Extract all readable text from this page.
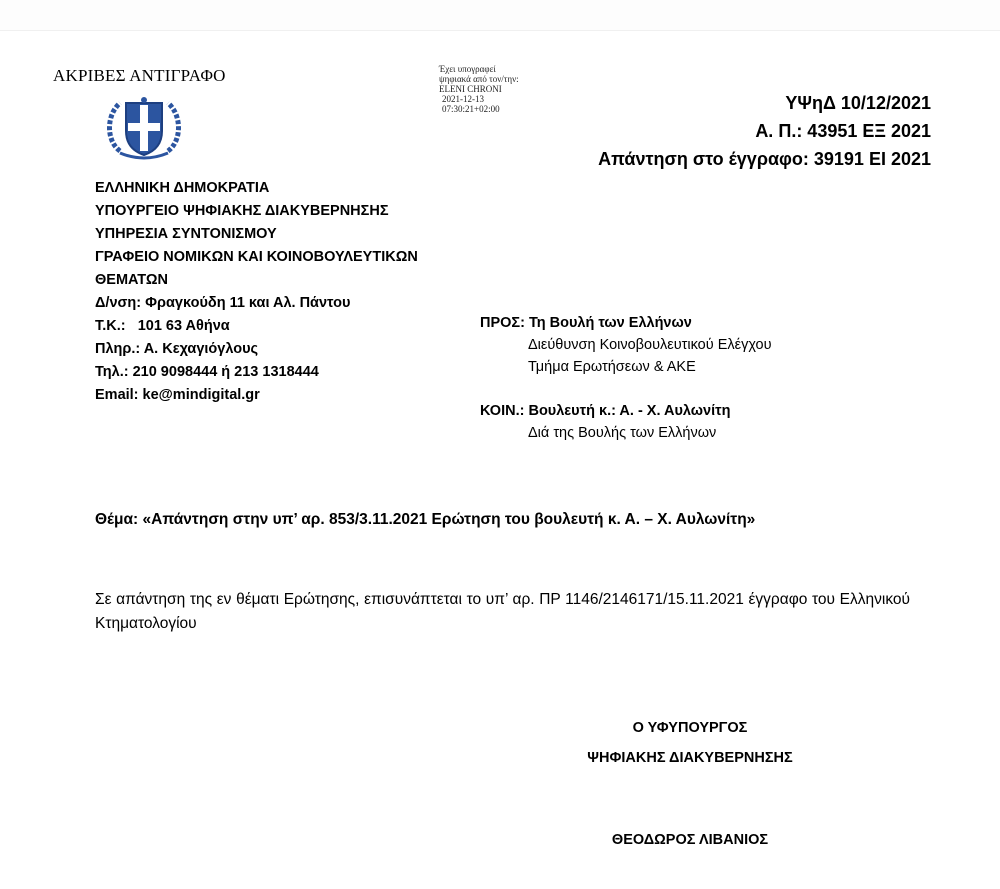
ΑΚΡΙΒΕΣ ΑΝΤΙΓΡΑΦΟ	Έχει υπογραφεί
ψηφιακά από τον/την:
ELENI CHRONI
2021-12-13
07:30:21+02:00	ΥΨηΔ 10/12/2021
Α. Π.: 43951 ΕΞ 2021
Απάντηση στο έγγραφο: 39191 ΕΙ 2021
ΕΛΛΗΝΙΚΗ ΔΗΜΟΚΡΑΤΙΑ
ΥΠΟΥΡΓΕΙΟ ΨΗΦΙΑΚΗΣ ΔΙΑΚΥΒΕΡΝΗΣΗΣ
ΥΠΗΡΕΣΙΑ ΣΥΝΤΟΝΙΣΜΟΥ
ΓΡΑΦΕΙΟ ΝΟΜΙΚΩΝ ΚΑΙ ΚΟΙΝΟΒΟΥΛΕΥΤΙΚΩΝ
ΘΕΜΑΤΩΝ
Δ/νση: Φραγκούδη 11 και Αλ. Πάντου
Τ.Κ.:   101 63 Αθήνα
Πληρ.: Α. Κεχαγιόγλους
Τηλ.: 210 9098444 ή 213 1318444
Email: ke@mindigital.gr
ΠΡΟΣ: Τη Βουλή των Ελλήνων
Διεύθυνση Κοινοβουλευτικού Ελέγχου
Τμήμα Ερωτήσεων & ΑΚΕ
ΚΟΙΝ.: Βουλευτή κ.: Α. - Χ. Αυλωνίτη
Διά της Βουλής των Ελλήνων
Θέμα: «Απάντηση στην υπ’ αρ. 853/3.11.2021 Ερώτηση του βουλευτή κ. Α. – Χ. Αυλωνίτη»
Σε απάντηση της εν θέματι Ερώτησης, επισυνάπτεται το υπ’ αρ. ΠΡ 1146/2146171/15.11.2021 έγγραφο του Ελληνικού Κτηματολογίου
Ο ΥΦΥΠΟΥΡΓΟΣ
ΨΗΦΙΑΚΗΣ ΔΙΑΚΥΒΕΡΝΗΣΗΣ
ΘΕΟΔΩΡΟΣ ΛΙΒΑΝΙΟΣ
